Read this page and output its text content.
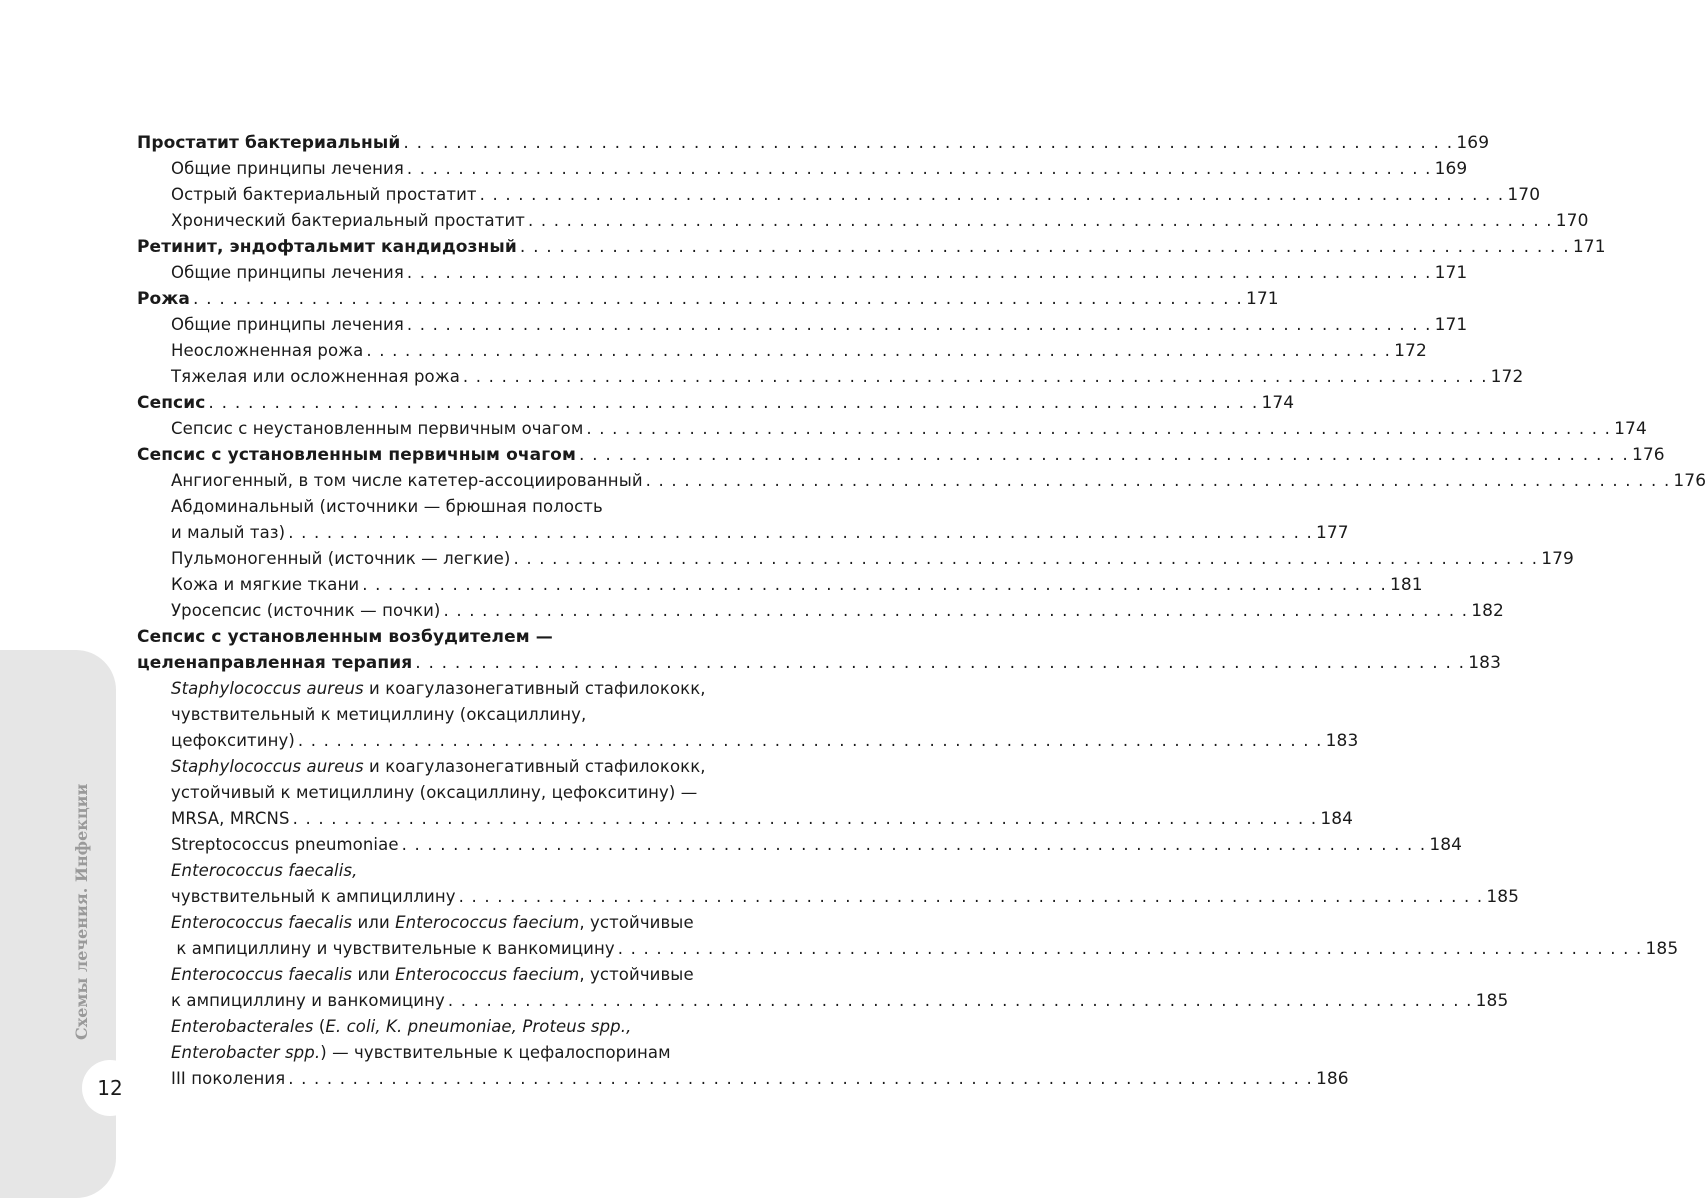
Схемы лечения. Инфекции
12
Простатит бактериальный . . . . . . . . . . . . . . . . . . . . . . . . . . . . . . . . . . . . . . . . . . . . . . . . . . . . . . . . . . . . . . . . . . . . . . . . . . . . . . . . 169
Общие принципы лечения . . . . . . . . . . . . . . . . . . . . . . . . . . . . . . . . . . . . . . . . . . . . . . . . . . . . . . . . . . . . . . . . . . . . . . . . . . . . . . . . 169
Острый бактериальный простатит . . . . . . . . . . . . . . . . . . . . . . . . . . . . . . . . . . . . . . . . . . . . . . . . . . . . . . . . . . . . . . . . . . . . . . . . . . . . . . . . 170
Хронический бактериальный простатит . . . . . . . . . . . . . . . . . . . . . . . . . . . . . . . . . . . . . . . . . . . . . . . . . . . . . . . . . . . . . . . . . . . . . . . . . . . . . . . . 170
Ретинит, эндофтальмит кандидозный . . . . . . . . . . . . . . . . . . . . . . . . . . . . . . . . . . . . . . . . . . . . . . . . . . . . . . . . . . . . . . . . . . . . . . . . . . . . . . . . 171
Общие принципы лечения . . . . . . . . . . . . . . . . . . . . . . . . . . . . . . . . . . . . . . . . . . . . . . . . . . . . . . . . . . . . . . . . . . . . . . . . . . . . . . . . 171
Рожа . . . . . . . . . . . . . . . . . . . . . . . . . . . . . . . . . . . . . . . . . . . . . . . . . . . . . . . . . . . . . . . . . . . . . . . . . . . . . . . . 171
Общие принципы лечения . . . . . . . . . . . . . . . . . . . . . . . . . . . . . . . . . . . . . . . . . . . . . . . . . . . . . . . . . . . . . . . . . . . . . . . . . . . . . . . . 171
Неосложненная рожа . . . . . . . . . . . . . . . . . . . . . . . . . . . . . . . . . . . . . . . . . . . . . . . . . . . . . . . . . . . . . . . . . . . . . . . . . . . . . . . . 172
Тяжелая или осложненная рожа . . . . . . . . . . . . . . . . . . . . . . . . . . . . . . . . . . . . . . . . . . . . . . . . . . . . . . . . . . . . . . . . . . . . . . . . . . . . . . . . 172
Сепсис . . . . . . . . . . . . . . . . . . . . . . . . . . . . . . . . . . . . . . . . . . . . . . . . . . . . . . . . . . . . . . . . . . . . . . . . . . . . . . . . 174
Сепсис с неустановленным первичным очагом . . . . . . . . . . . . . . . . . . . . . . . . . . . . . . . . . . . . . . . . . . . . . . . . . . . . . . . . . . . . . . . . . . . . . . . . . . . . . . . . 174
Сепсис с установленным первичным очагом . . . . . . . . . . . . . . . . . . . . . . . . . . . . . . . . . . . . . . . . . . . . . . . . . . . . . . . . . . . . . . . . . . . . . . . . . . . . . . . . 176
Ангиогенный, в том числе катетер-ассоциированный . . . . . . . . . . . . . . . . . . . . . . . . . . . . . . . . . . . . . . . . . . . . . . . . . . . . . . . . . . . . . . . . . . . . . . . . . . . . . . . . 176
Абдоминальный (источники — брюшная полость
и малый таз) . . . . . . . . . . . . . . . . . . . . . . . . . . . . . . . . . . . . . . . . . . . . . . . . . . . . . . . . . . . . . . . . . . . . . . . . . . . . . . . . 177
Пульмоногенный (источник — легкие) . . . . . . . . . . . . . . . . . . . . . . . . . . . . . . . . . . . . . . . . . . . . . . . . . . . . . . . . . . . . . . . . . . . . . . . . . . . . . . . . 179
Кожа и мягкие ткани . . . . . . . . . . . . . . . . . . . . . . . . . . . . . . . . . . . . . . . . . . . . . . . . . . . . . . . . . . . . . . . . . . . . . . . . . . . . . . . . 181
Уросепсис (источник — почки) . . . . . . . . . . . . . . . . . . . . . . . . . . . . . . . . . . . . . . . . . . . . . . . . . . . . . . . . . . . . . . . . . . . . . . . . . . . . . . . . 182
Сепсис с установленным возбудителем —
целенаправленная терапия . . . . . . . . . . . . . . . . . . . . . . . . . . . . . . . . . . . . . . . . . . . . . . . . . . . . . . . . . . . . . . . . . . . . . . . . . . . . . . . . 183
Staphylococcus aureus и коагулазонегативный стафилококк,
чувствительный к метициллину (оксациллину,
цефокситину) . . . . . . . . . . . . . . . . . . . . . . . . . . . . . . . . . . . . . . . . . . . . . . . . . . . . . . . . . . . . . . . . . . . . . . . . . . . . . . . . 183
Staphylococcus aureus и коагулазонегативный стафилококк,
устойчивый к метициллину (оксациллину, цефокситину) —
MRSA, MRCNS . . . . . . . . . . . . . . . . . . . . . . . . . . . . . . . . . . . . . . . . . . . . . . . . . . . . . . . . . . . . . . . . . . . . . . . . . . . . . . . . 184
Streptococcus pneumoniae . . . . . . . . . . . . . . . . . . . . . . . . . . . . . . . . . . . . . . . . . . . . . . . . . . . . . . . . . . . . . . . . . . . . . . . . . . . . . . . . 184
Enterococcus faecalis,
чувствительный к ампициллину . . . . . . . . . . . . . . . . . . . . . . . . . . . . . . . . . . . . . . . . . . . . . . . . . . . . . . . . . . . . . . . . . . . . . . . . . . . . . . . . 185
Enterococcus faecalis или Enterococcus faecium, устойчивые
к ампициллину и чувствительные к ванкомицину . . . . . . . . . . . . . . . . . . . . . . . . . . . . . . . . . . . . . . . . . . . . . . . . . . . . . . . . . . . . . . . . . . . . . . . . . . . . . . . . 185
Enterococcus faecalis или Enterococcus faecium, устойчивые
к ампициллину и ванкомицину . . . . . . . . . . . . . . . . . . . . . . . . . . . . . . . . . . . . . . . . . . . . . . . . . . . . . . . . . . . . . . . . . . . . . . . . . . . . . . . . 185
Enterobacterales (E. coli, K. pneumoniae, Proteus spp.,
Enterobacter spp.) — чувствительные к цефалоспоринам
III поколения . . . . . . . . . . . . . . . . . . . . . . . . . . . . . . . . . . . . . . . . . . . . . . . . . . . . . . . . . . . . . . . . . . . . . . . . . . . . . . . . 186
